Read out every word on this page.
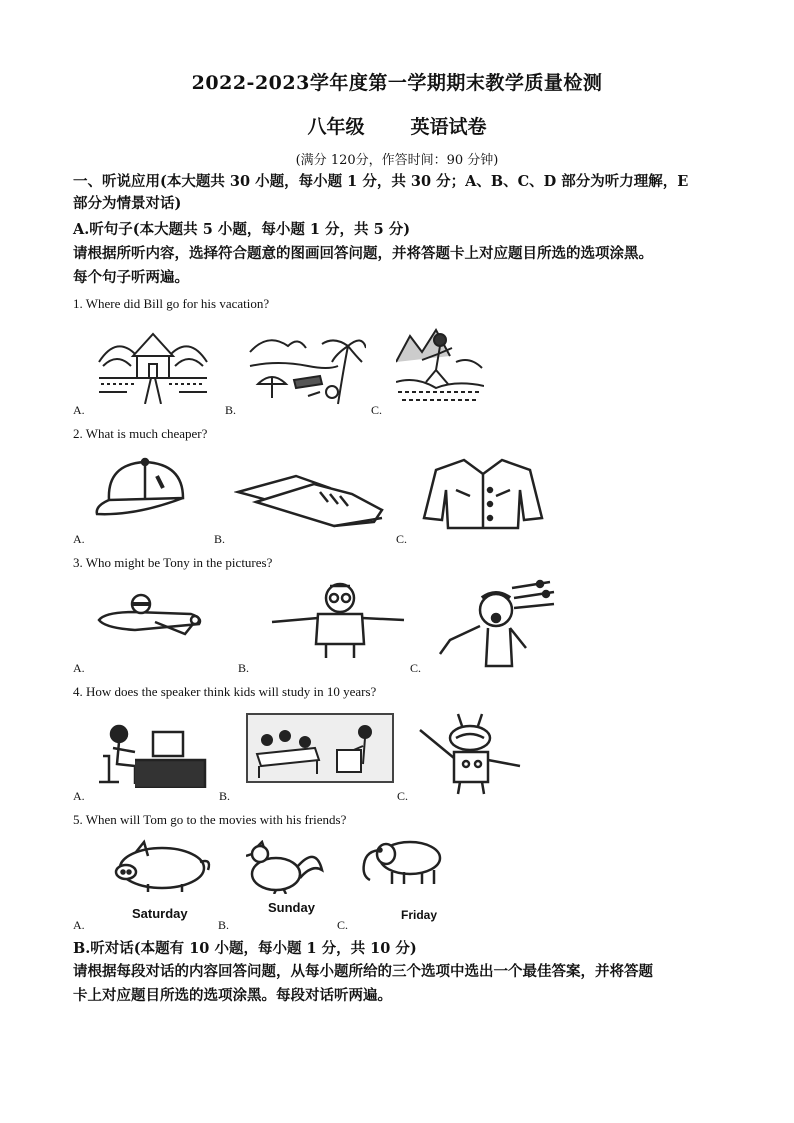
2022-2023学年度第一学期期末教学质量检测
八年级 英语试卷
(满分 120分，作答时间：90 分钟)
一、听说应用(本大题共 30 小题，每小题 1 分，共 30 分；A、B、C、D 部分为听力理解，E
部分为情景对话)
A.听句子(本大题共 5 小题，每小题 1 分，共 5 分)
请根据所听内容，选择符合题意的图画回答问题，并将答题卡上对应题目所选的选项涂黑。
每个句子听两遍。
1. Where did Bill go for his vacation?
A.	B.	C.
2. What is much cheaper?
A.	B.	C.
3. Who might be Tony in the pictures?
A.	B.	C.
4. How does the speaker think kids will study in 10 years?
A.	B.	C.
5. When will Tom go to the movies with his friends?
A.
Saturday
B.
Sunday
C.
Friday
B.听对话(本题有 10 小题，每小题 1 分，共 10 分)
请根据每段对话的内容回答问题，从每小题所给的三个选项中选出一个最佳答案，并将答题
卡上对应题目所选的选项涂黑。每段对话听两遍。
